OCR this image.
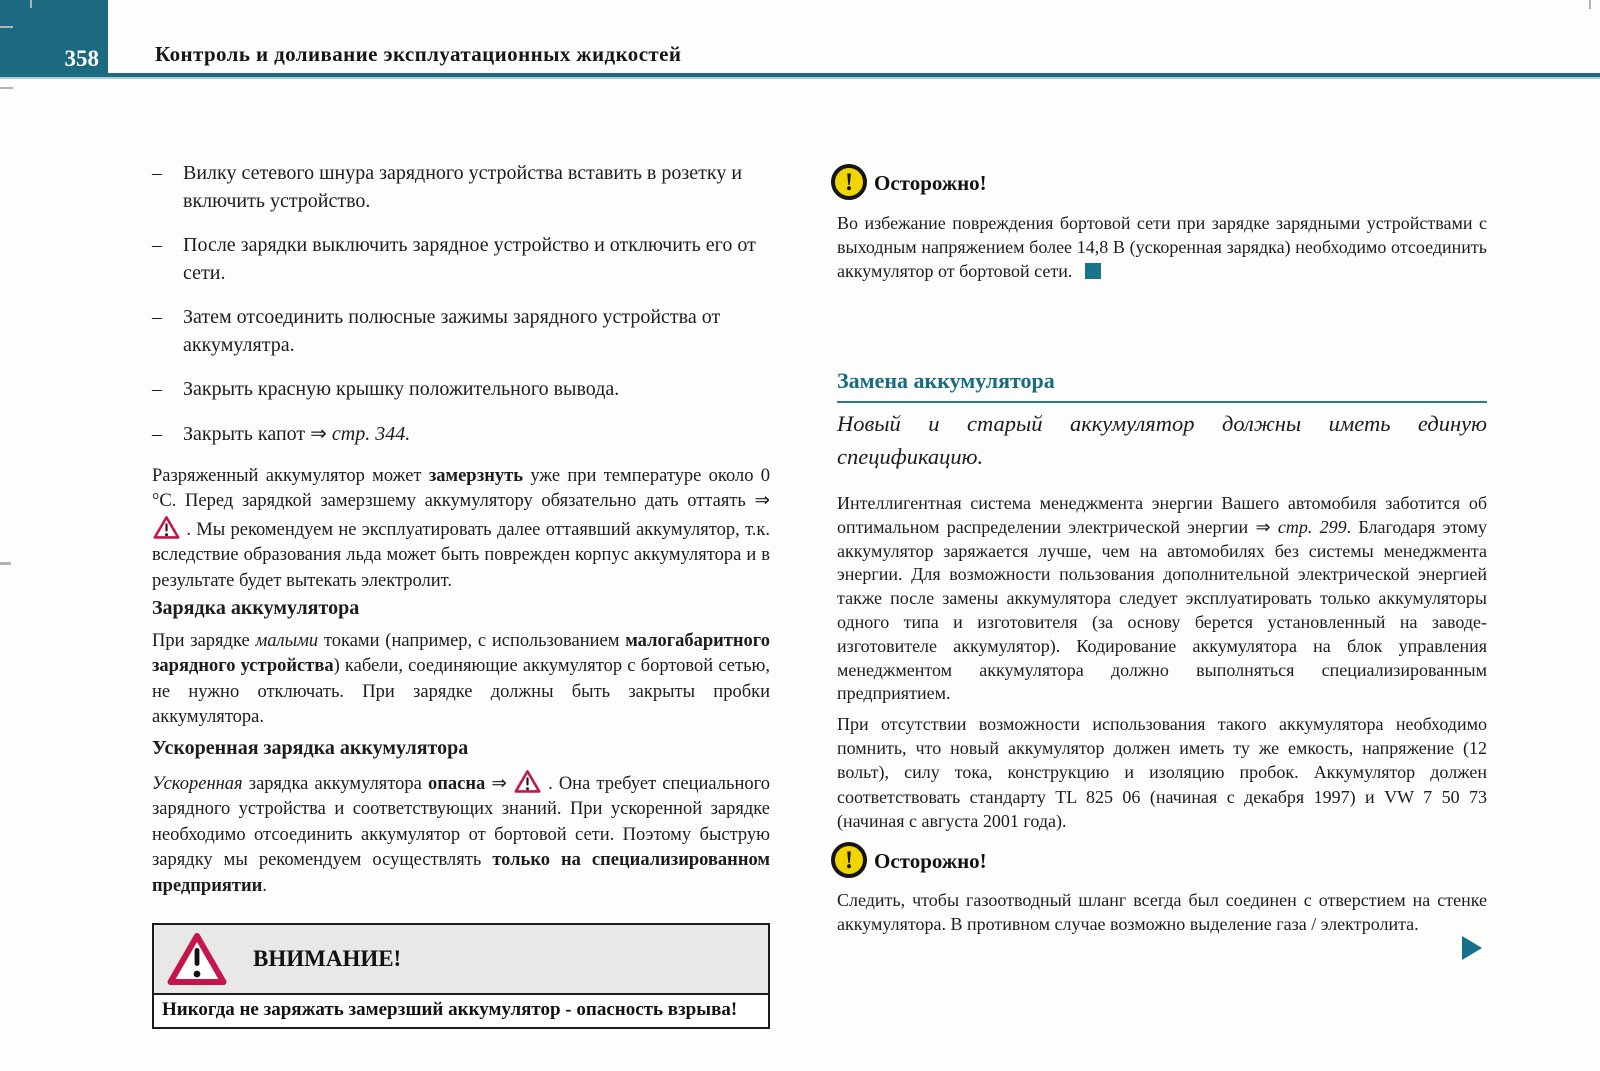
358	Контроль и доливание эксплуатационных жидкостей
–	Вилку сетевого шнура зарядного устройства вставить в розетку и включить устройство.
–	После зарядки выключить зарядное устройство и отключить его от сети.
–	Затем отсоединить полюсные зажимы зарядного устройства от аккумулятра.
–	Закрыть красную крышку положительного вывода.
–	Закрыть капот ⇒ стр. 344.
Разряженный аккумулятор может замерзнуть уже при температуре около 0 °C. Перед зарядкой замерзшему аккумулятору обязательно дать оттаять ⇒  . Мы рекомендуем не эксплуатировать далее оттаявший аккумулятор, т.к. вследствие образования льда может быть поврежден корпус аккумулятора и в результате будет вытекать электролит.
Зарядка аккумулятора
При зарядке малыми токами (например, с использованием малогабаритного зарядного устройства) кабели, соединяющие аккумулятор с бортовой сетью, не нужно отключать. При зарядке должны быть закрыты пробки аккумулятора.
Ускоренная зарядка аккумулятора
Ускоренная зарядка аккумулятора опасна ⇒  . Она требует специального зарядного устройства и соответствующих знаний. При ускоренной зарядке необходимо отсоединить аккумулятор от бортовой сети. Поэтому быструю зарядку мы рекомендуем осуществлять только на специализированном предприятии.
ВНИМАНИЕ!
Никогда не заряжать замерзший аккумулятор - опасность взрыва!
! Осторожно!
Во избежание повреждения бортовой сети при зарядке зарядными устройствами с выходным напряжением более 14,8 В (ускоренная зарядка) необходимо отсоединить аккумулятор от бортовой сети.
Замена аккумулятора
Новый и старый аккумулятор должны иметь единую спецификацию.
Интеллигентная система менеджмента энергии Вашего автомобиля заботится об оптимальном распределении электрической энергии ⇒ стр. 299. Благодаря этому аккумулятор заряжается лучше, чем на автомобилях без системы менеджмента энергии. Для возможности пользования дополнительной электрической энергией также после замены аккумулятора следует эксплуатировать только аккумуляторы одного типа и изготовителя (за основу берется установленный на заводе-изготовителе аккумулятор). Кодирование аккумулятора на блок управления менеджментом аккумулятора должно выполняться специализированным предприятием.
При отсутствии возможности использования такого аккумулятора необходимо помнить, что новый аккумулятор должен иметь ту же емкость, напряжение (12 вольт), силу тока, конструкцию и изоляцию пробок. Аккумулятор должен соответствовать стандарту TL 825 06 (начиная с декабря 1997) и VW 7 50 73 (начиная с августа 2001 года).
! Осторожно!
Следить, чтобы газоотводный шланг всегда был соединен с отверстием на стенке аккумулятора. В противном случае возможно выделение газа / электролита.
